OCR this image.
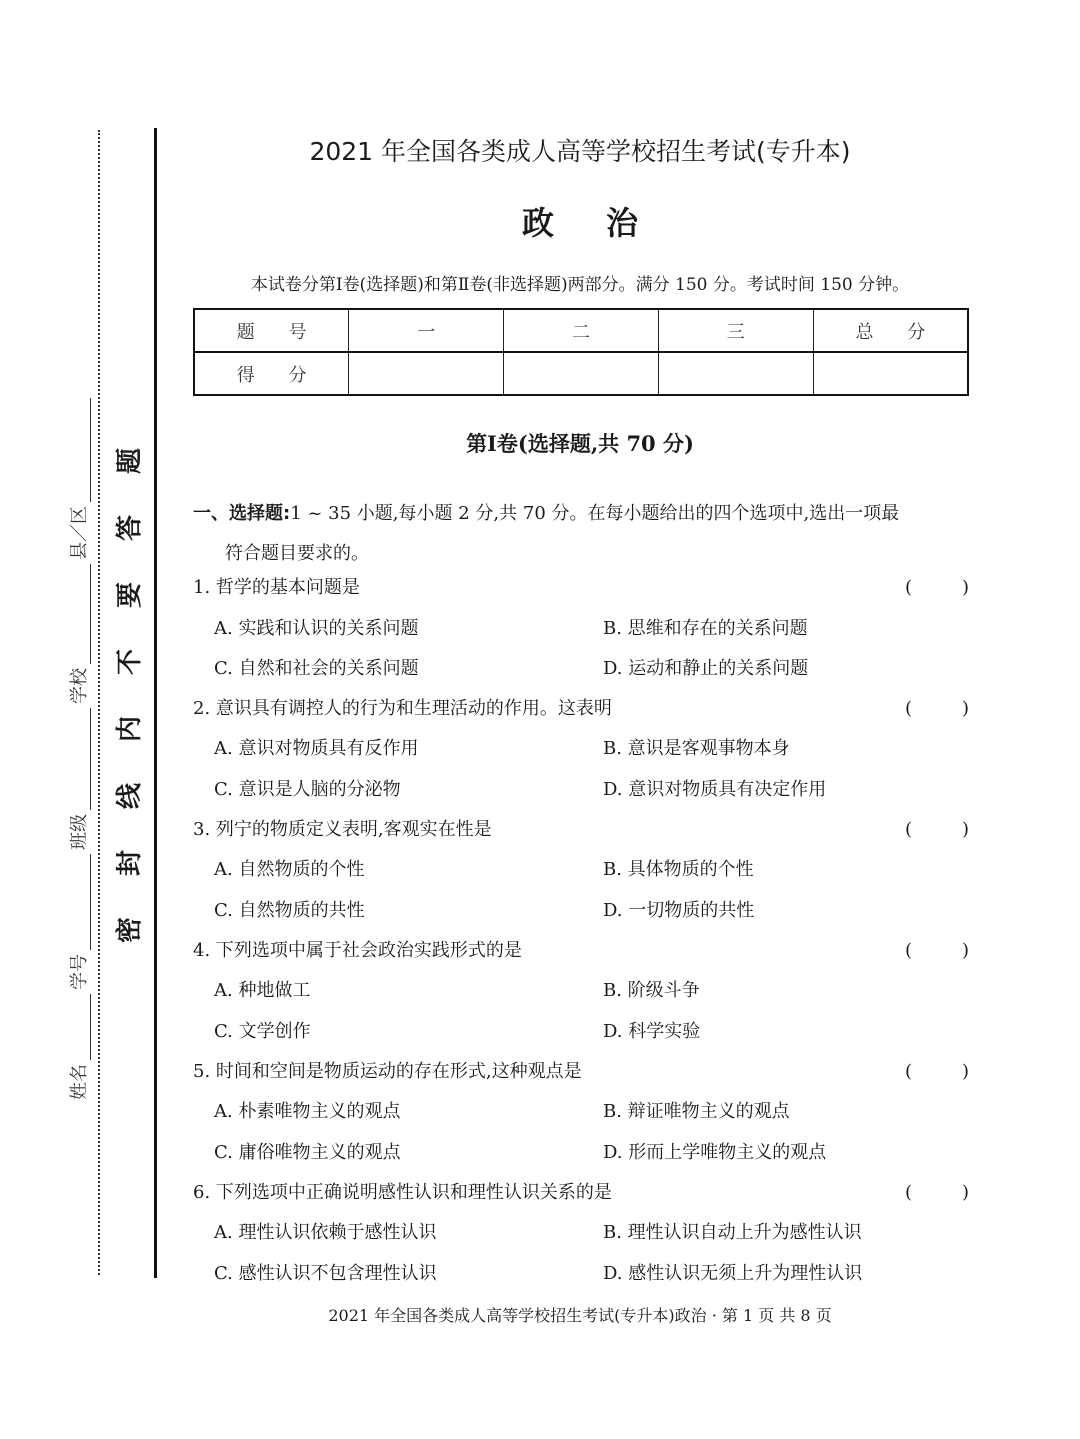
姓名
学号
班级
学校
县／区
题
答
要
不
内
线
封
密
2021 年全国各类成人高等学校招生考试(专升本)
政治
本试卷分第Ⅰ卷(选择题)和第Ⅱ卷(非选择题)两部分。满分 150 分。考试时间 150 分钟。
题 号	一	二	三	总 分
得 分				
第Ⅰ卷(选择题,共 70 分)
一、选择题:1 ~ 35 小题,每小题 2 分,共 70 分。在每小题给出的四个选项中,选出一项最
符合题目要求的。
1. 哲学的基本问题是	(	)
A. 实践和认识的关系问题	B. 思维和存在的关系问题
C. 自然和社会的关系问题	D. 运动和静止的关系问题
2. 意识具有调控人的行为和生理活动的作用。这表明	(	)
A. 意识对物质具有反作用	B. 意识是客观事物本身
C. 意识是人脑的分泌物	D. 意识对物质具有决定作用
3. 列宁的物质定义表明,客观实在性是	(	)
A. 自然物质的个性	B. 具体物质的个性
C. 自然物质的共性	D. 一切物质的共性
4. 下列选项中属于社会政治实践形式的是	(	)
A. 种地做工	B. 阶级斗争
C. 文学创作	D. 科学实验
5. 时间和空间是物质运动的存在形式,这种观点是	(	)
A. 朴素唯物主义的观点	B. 辩证唯物主义的观点
C. 庸俗唯物主义的观点	D. 形而上学唯物主义的观点
6. 下列选项中正确说明感性认识和理性认识关系的是	(	)
A. 理性认识依赖于感性认识	B. 理性认识自动上升为感性认识
C. 感性认识不包含理性认识	D. 感性认识无须上升为理性认识
2021 年全国各类成人高等学校招生考试(专升本)政治 · 第 1 页 共 8 页
